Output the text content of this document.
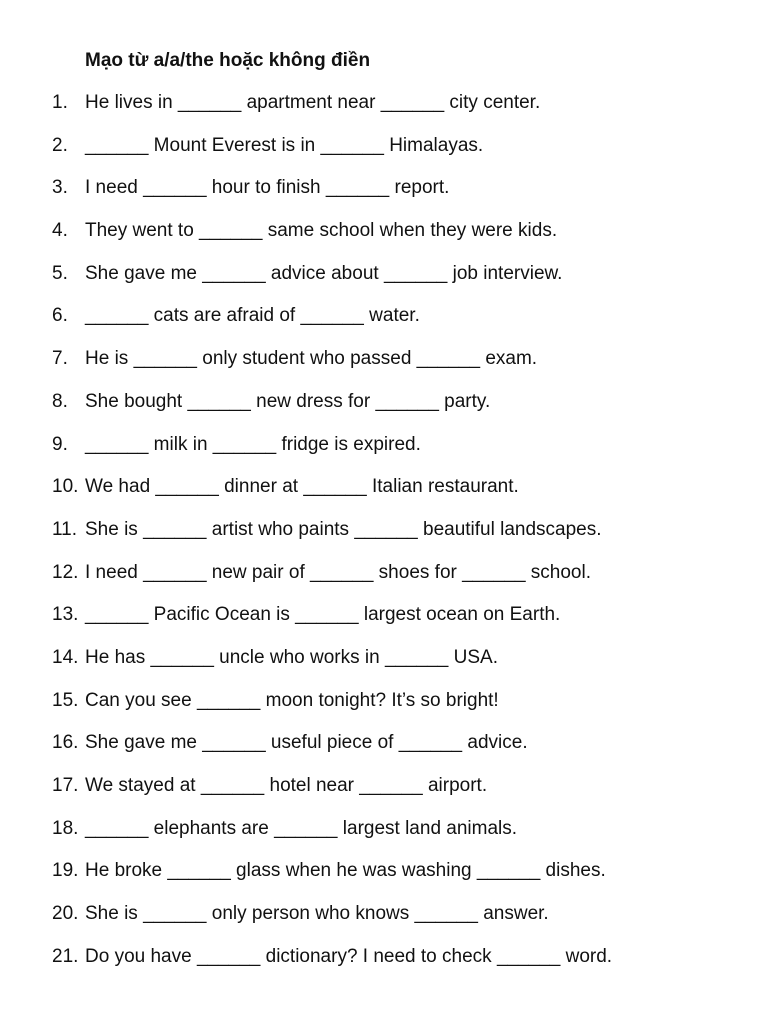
Mạo từ a/a/the hoặc không điền
1. He lives in ______ apartment near ______ city center.
2. ______ Mount Everest is in ______ Himalayas.
3. I need ______ hour to finish ______ report.
4. They went to ______ same school when they were kids.
5. She gave me ______ advice about ______ job interview.
6. ______ cats are afraid of ______ water.
7. He is ______ only student who passed ______ exam.
8. She bought ______ new dress for ______ party.
9. ______ milk in ______ fridge is expired.
10. We had ______ dinner at ______ Italian restaurant.
11. She is ______ artist who paints ______ beautiful landscapes.
12. I need ______ new pair of ______ shoes for ______ school.
13. ______ Pacific Ocean is ______ largest ocean on Earth.
14. He has ______ uncle who works in ______ USA.
15. Can you see ______ moon tonight? It’s so bright!
16. She gave me ______ useful piece of ______ advice.
17. We stayed at ______ hotel near ______ airport.
18. ______ elephants are ______ largest land animals.
19. He broke ______ glass when he was washing ______ dishes.
20. She is ______ only person who knows ______ answer.
21. Do you have ______ dictionary? I need to check ______ word.
